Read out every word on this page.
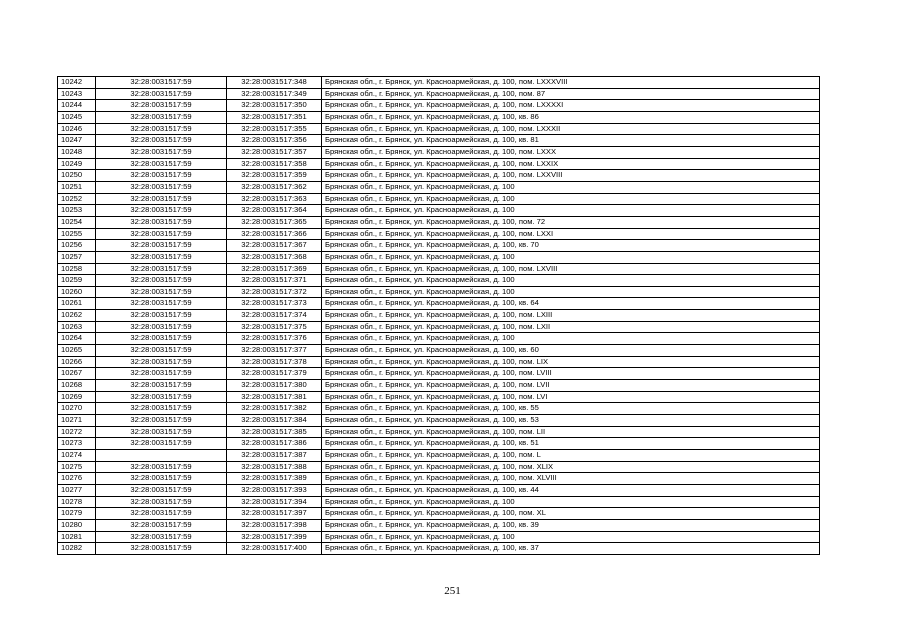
10242	32:28:0031517:59	32:28:0031517:348	Брянская обл., г. Брянск, ул. Красноармейская, д. 100, пом. LXXXVIII
10243	32:28:0031517:59	32:28:0031517:349	Брянская обл., г. Брянск, ул. Красноармейская, д. 100, пом. 87
10244	32:28:0031517:59	32:28:0031517:350	Брянская обл., г. Брянск, ул. Красноармейская, д. 100, пом. LXXXXI
10245	32:28:0031517:59	32:28:0031517:351	Брянская обл., г. Брянск, ул. Красноармейская, д. 100, кв. 86
10246	32:28:0031517:59	32:28:0031517:355	Брянская обл., г. Брянск, ул. Красноармейская, д. 100, пом. LXXXII
10247	32:28:0031517:59	32:28:0031517:356	Брянская обл., г. Брянск, ул. Красноармейская, д. 100, кв. 81
10248	32:28:0031517:59	32:28:0031517:357	Брянская обл., г. Брянск, ул. Красноармейская, д. 100, пом. LXXX
10249	32:28:0031517:59	32:28:0031517:358	Брянская обл., г. Брянск, ул. Красноармейская, д. 100, пом. LXXIX
10250	32:28:0031517:59	32:28:0031517:359	Брянская обл., г. Брянск, ул. Красноармейская, д. 100, пом. LXXVIII
10251	32:28:0031517:59	32:28:0031517:362	Брянская обл., г. Брянск, ул. Красноармейская, д. 100
10252	32:28:0031517:59	32:28:0031517:363	Брянская обл., г. Брянск, ул. Красноармейская, д. 100
10253	32:28:0031517:59	32:28:0031517:364	Брянская обл., г. Брянск, ул. Красноармейская, д. 100
10254	32:28:0031517:59	32:28:0031517:365	Брянская обл., г. Брянск, ул. Красноармейская, д. 100, пом. 72
10255	32:28:0031517:59	32:28:0031517:366	Брянская обл., г. Брянск, ул. Красноармейская, д. 100, пом. LXXI
10256	32:28:0031517:59	32:28:0031517:367	Брянская обл., г. Брянск, ул. Красноармейская, д. 100, кв. 70
10257	32:28:0031517:59	32:28:0031517:368	Брянская обл., г. Брянск, ул. Красноармейская, д. 100
10258	32:28:0031517:59	32:28:0031517:369	Брянская обл., г. Брянск, ул. Красноармейская, д. 100, пом. LXVIII
10259	32:28:0031517:59	32:28:0031517:371	Брянская обл., г. Брянск, ул. Красноармейская, д. 100
10260	32:28:0031517:59	32:28:0031517:372	Брянская обл., г. Брянск, ул. Красноармейская, д. 100
10261	32:28:0031517:59	32:28:0031517:373	Брянская обл., г. Брянск, ул. Красноармейская, д. 100, кв. 64
10262	32:28:0031517:59	32:28:0031517:374	Брянская обл., г. Брянск, ул. Красноармейская, д. 100, пом. LXIII
10263	32:28:0031517:59	32:28:0031517:375	Брянская обл., г. Брянск, ул. Красноармейская, д. 100, пом. LXII
10264	32:28:0031517:59	32:28:0031517:376	Брянская обл., г. Брянск, ул. Красноармейская, д. 100
10265	32:28:0031517:59	32:28:0031517:377	Брянская обл., г. Брянск, ул. Красноармейская, д. 100, кв. 60
10266	32:28:0031517:59	32:28:0031517:378	Брянская обл., г. Брянск, ул. Красноармейская, д. 100, пом. LIX
10267	32:28:0031517:59	32:28:0031517:379	Брянская обл., г. Брянск, ул. Красноармейская, д. 100, пом. LVIII
10268	32:28:0031517:59	32:28:0031517:380	Брянская обл., г. Брянск, ул. Красноармейская, д. 100, пом. LVII
10269	32:28:0031517:59	32:28:0031517:381	Брянская обл., г. Брянск, ул. Красноармейская, д. 100, пом. LVI
10270	32:28:0031517:59	32:28:0031517:382	Брянская обл., г. Брянск, ул. Красноармейская, д. 100, кв. 55
10271	32:28:0031517:59	32:28:0031517:384	Брянская обл., г. Брянск, ул. Красноармейская, д. 100, кв. 53
10272	32:28:0031517:59	32:28:0031517:385	Брянская обл., г. Брянск, ул. Красноармейская, д. 100, пом. LII
10273	32:28:0031517:59	32:28:0031517:386	Брянская обл., г. Брянск, ул. Красноармейская, д. 100, кв. 51
10274		32:28:0031517:387	Брянская обл., г. Брянск, ул. Красноармейская, д. 100, пом. L
10275	32:28:0031517:59	32:28:0031517:388	Брянская обл., г. Брянск, ул. Красноармейская, д. 100, пом. XLIX
10276	32:28:0031517:59	32:28:0031517:389	Брянская обл., г. Брянск, ул. Красноармейская, д. 100, пом. XLVIII
10277	32:28:0031517:59	32:28:0031517:393	Брянская обл., г. Брянск, ул. Красноармейская, д. 100, кв. 44
10278	32:28:0031517:59	32:28:0031517:394	Брянская обл., г. Брянск, ул. Красноармейская, д. 100
10279	32:28:0031517:59	32:28:0031517:397	Брянская обл., г. Брянск, ул. Красноармейская, д. 100, пом. XL
10280	32:28:0031517:59	32:28:0031517:398	Брянская обл., г. Брянск, ул. Красноармейская, д. 100, кв. 39
10281	32:28:0031517:59	32:28:0031517:399	Брянская обл., г. Брянск, ул. Красноармейская, д. 100
10282	32:28:0031517:59	32:28:0031517:400	Брянская обл., г. Брянск, ул. Красноармейская, д. 100, кв. 37
251
